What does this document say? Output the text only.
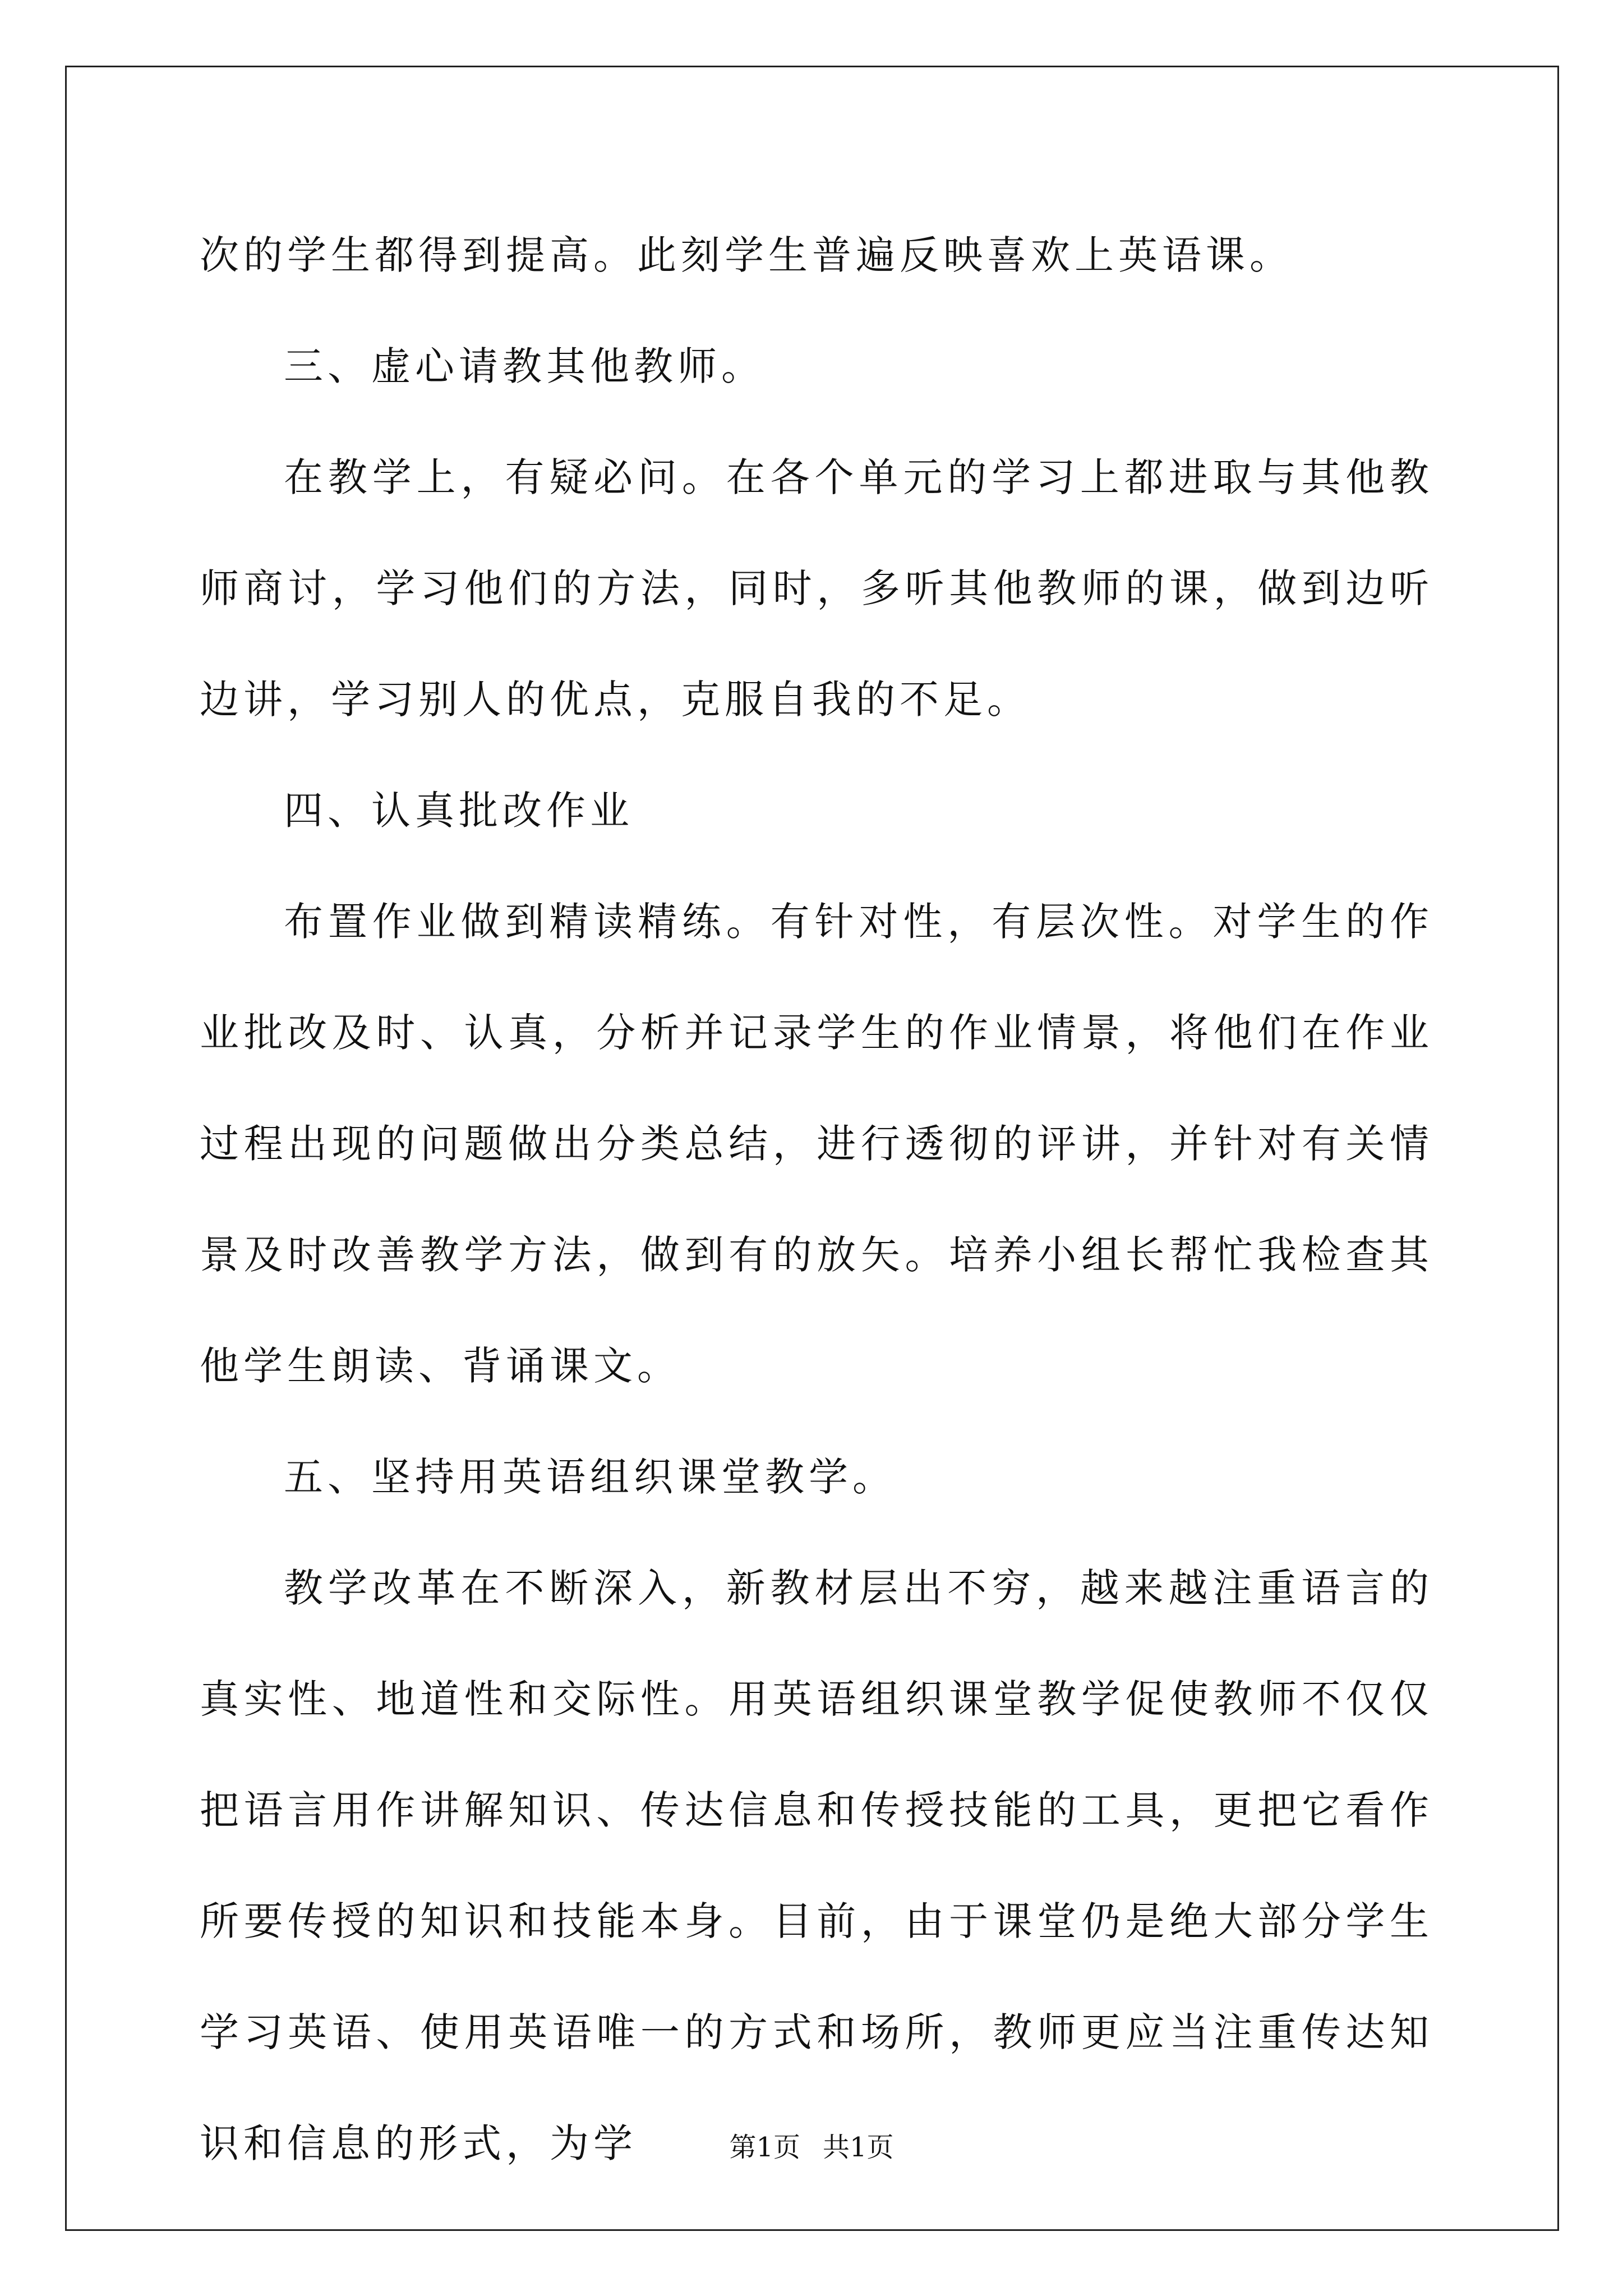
次的学生都得到提高。此刻学生普遍反映喜欢上英语课。

三、虚心请教其他教师。

在教学上，有疑必问。在各个单元的学习上都进取与其他教师商讨，学习他们的方法，同时，多听其他教师的课，做到边听边讲，学习别人的优点，克服自我的不足。

四、认真批改作业

布置作业做到精读精练。有针对性，有层次性。对学生的作业批改及时、认真，分析并记录学生的作业情景，将他们在作业过程出现的问题做出分类总结，进行透彻的评讲，并针对有关情景及时改善教学方法，做到有的放矢。培养小组长帮忙我检查其他学生朗读、背诵课文。

五、坚持用英语组织课堂教学。

教学改革在不断深入，新教材层出不穷，越来越注重语言的真实性、地道性和交际性。用英语组织课堂教学促使教师不仅仅把语言用作讲解知识、传达信息和传授技能的工具，更把它看作所要传授的知识和技能本身。目前，由于课堂仍是绝大部分学生学习英语、使用英语唯一的方式和场所，教师更应当注重传达知识和信息的形式，为学	第1页 共1页
